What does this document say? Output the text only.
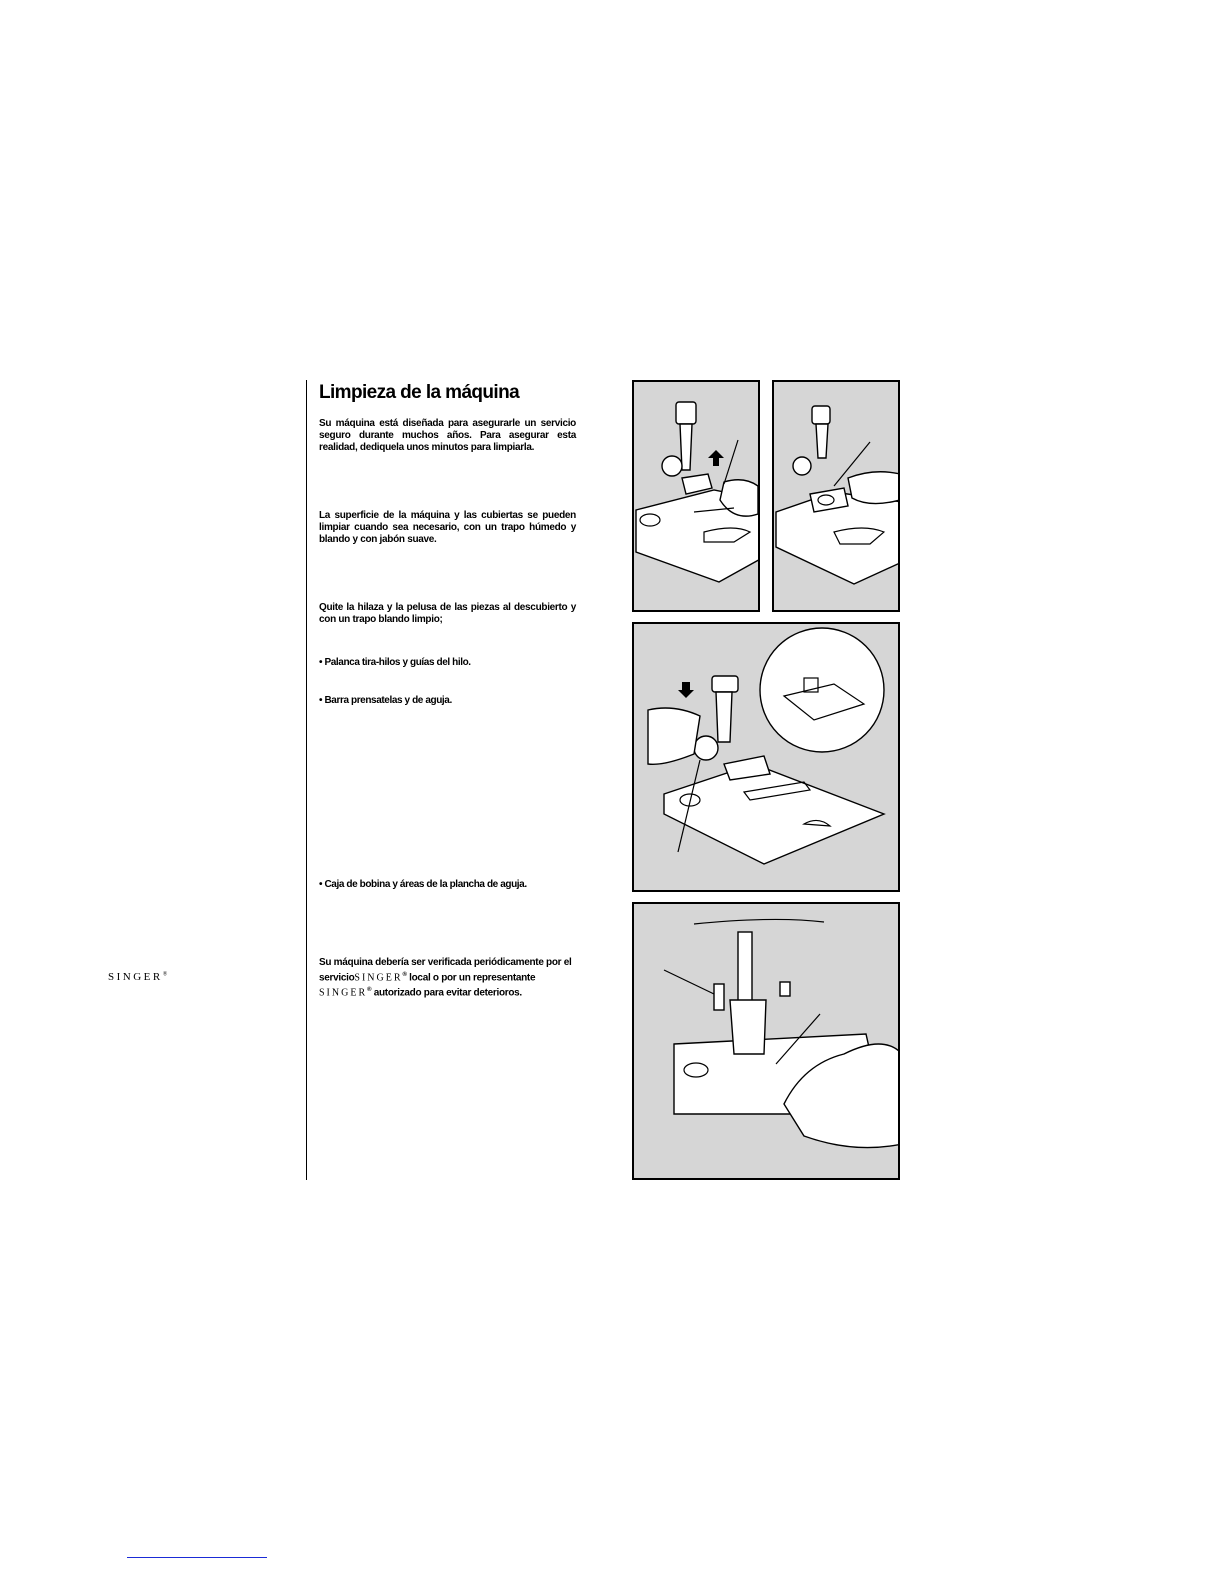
SINGER®
Limpieza de la máquina

Su máquina está diseñada para asegurarle un servicio seguro durante muchos años. Para asegurar esta realidad, dediquela unos minutos para limpiarla.

La superficie de la máquina y las cubiertas se pueden limpiar cuando sea necesario, con un trapo húmedo y blando y con jabón suave.

Quite la hilaza y la pelusa de las piezas al descubierto y con un trapo blando limpio;

• Palanca tira-hilos y guías del hilo.

• Barra prensatelas y de aguja.

• Caja de bobina y áreas de la plancha de aguja.

Su máquina debería ser verificada periódicamente por el servicioSINGER® local o por un representante SINGER® autorizado para evitar deterioros.
